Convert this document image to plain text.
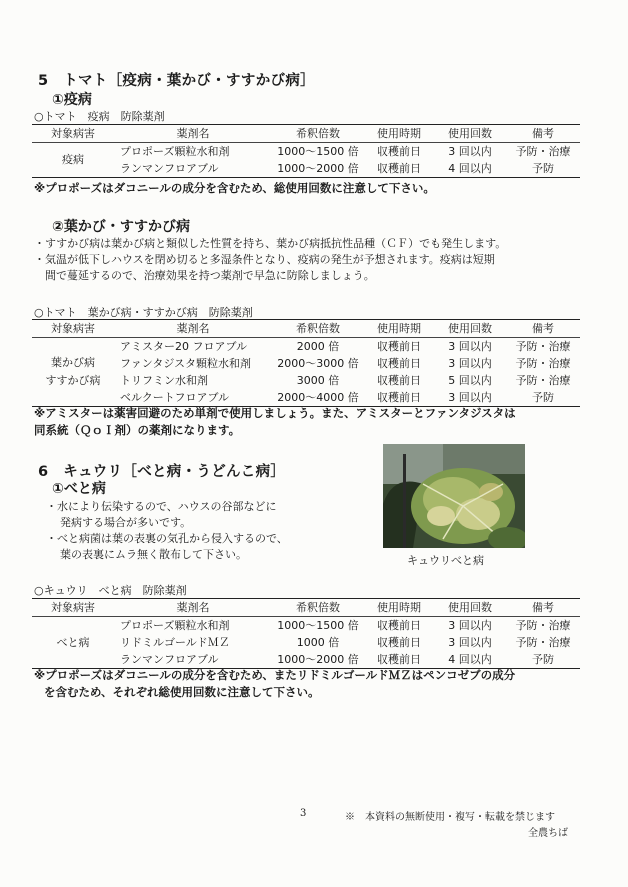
5　トマト［疫病・葉かび・すすかび病］
①疫病
○トマト　疫病　防除薬剤
対象病害	薬剤名	希釈倍数	使用時期	使用回数	備考
疫病	プロポーズ顆粒水和剤	1000～1500 倍	収穫前日	3 回以内	予防・治療
	ランマンフロアブル	1000～2000 倍	収穫前日	4 回以内	予防
※プロポーズはダコニールの成分を含むため、総使用回数に注意して下さい。
②葉かび・すすかび病
・すすかび病は葉かび病と類似した性質を持ち、葉かび病抵抗性品種（ＣＦ）でも発生します。
・気温が低下しハウスを閉め切ると多湿条件となり、疫病の発生が予想されます。疫病は短期
間で蔓延するので、治療効果を持つ薬剤で早急に防除しましょう。
○トマト　葉かび病・すすかび病　防除薬剤
対象病害	薬剤名	希釈倍数	使用時期	使用回数	備考

葉かび病
すすかび病	アミスター20 フロアブル	2000 倍	収穫前日	3 回以内	予防・治療
	ファンタジスタ顆粒水和剤	2000～3000 倍	収穫前日	3 回以内	予防・治療
	トリフミン水和剤	3000 倍	収穫前日	5 回以内	予防・治療
	ベルクートフロアブル	2000～4000 倍	収穫前日	3 回以内	予防
※アミスターは薬害回避のため単剤で使用しましょう。また、アミスターとファンタジスタは
同系統（ＱｏＩ剤）の薬剤になります。
6　キュウリ［べと病・うどんこ病］
①べと病
・水により伝染するので、ハウスの谷部などに
発病する場合が多いです。
・べと病菌は葉の表裏の気孔から侵入するので、
葉の表裏にムラ無く散布して下さい。	キュウリべと病
○キュウリ　べと病　防除薬剤
対象病害	薬剤名	希釈倍数	使用時期	使用回数	備考
べと病	プロポーズ顆粒水和剤	1000～1500 倍	収穫前日	3 回以内	予防・治療
	リドミルゴールドＭＺ	1000 倍	収穫前日	3 回以内	予防・治療
	ランマンフロアブル	1000～2000 倍	収穫前日	4 回以内	予防
※プロポーズはダコニールの成分を含むため、またリドミルゴールドＭＺはペンコゼブの成分
を含むため、それぞれ総使用回数に注意して下さい。
3	※　本資料の無断使用・複写・転載を禁じます
全農ちば
